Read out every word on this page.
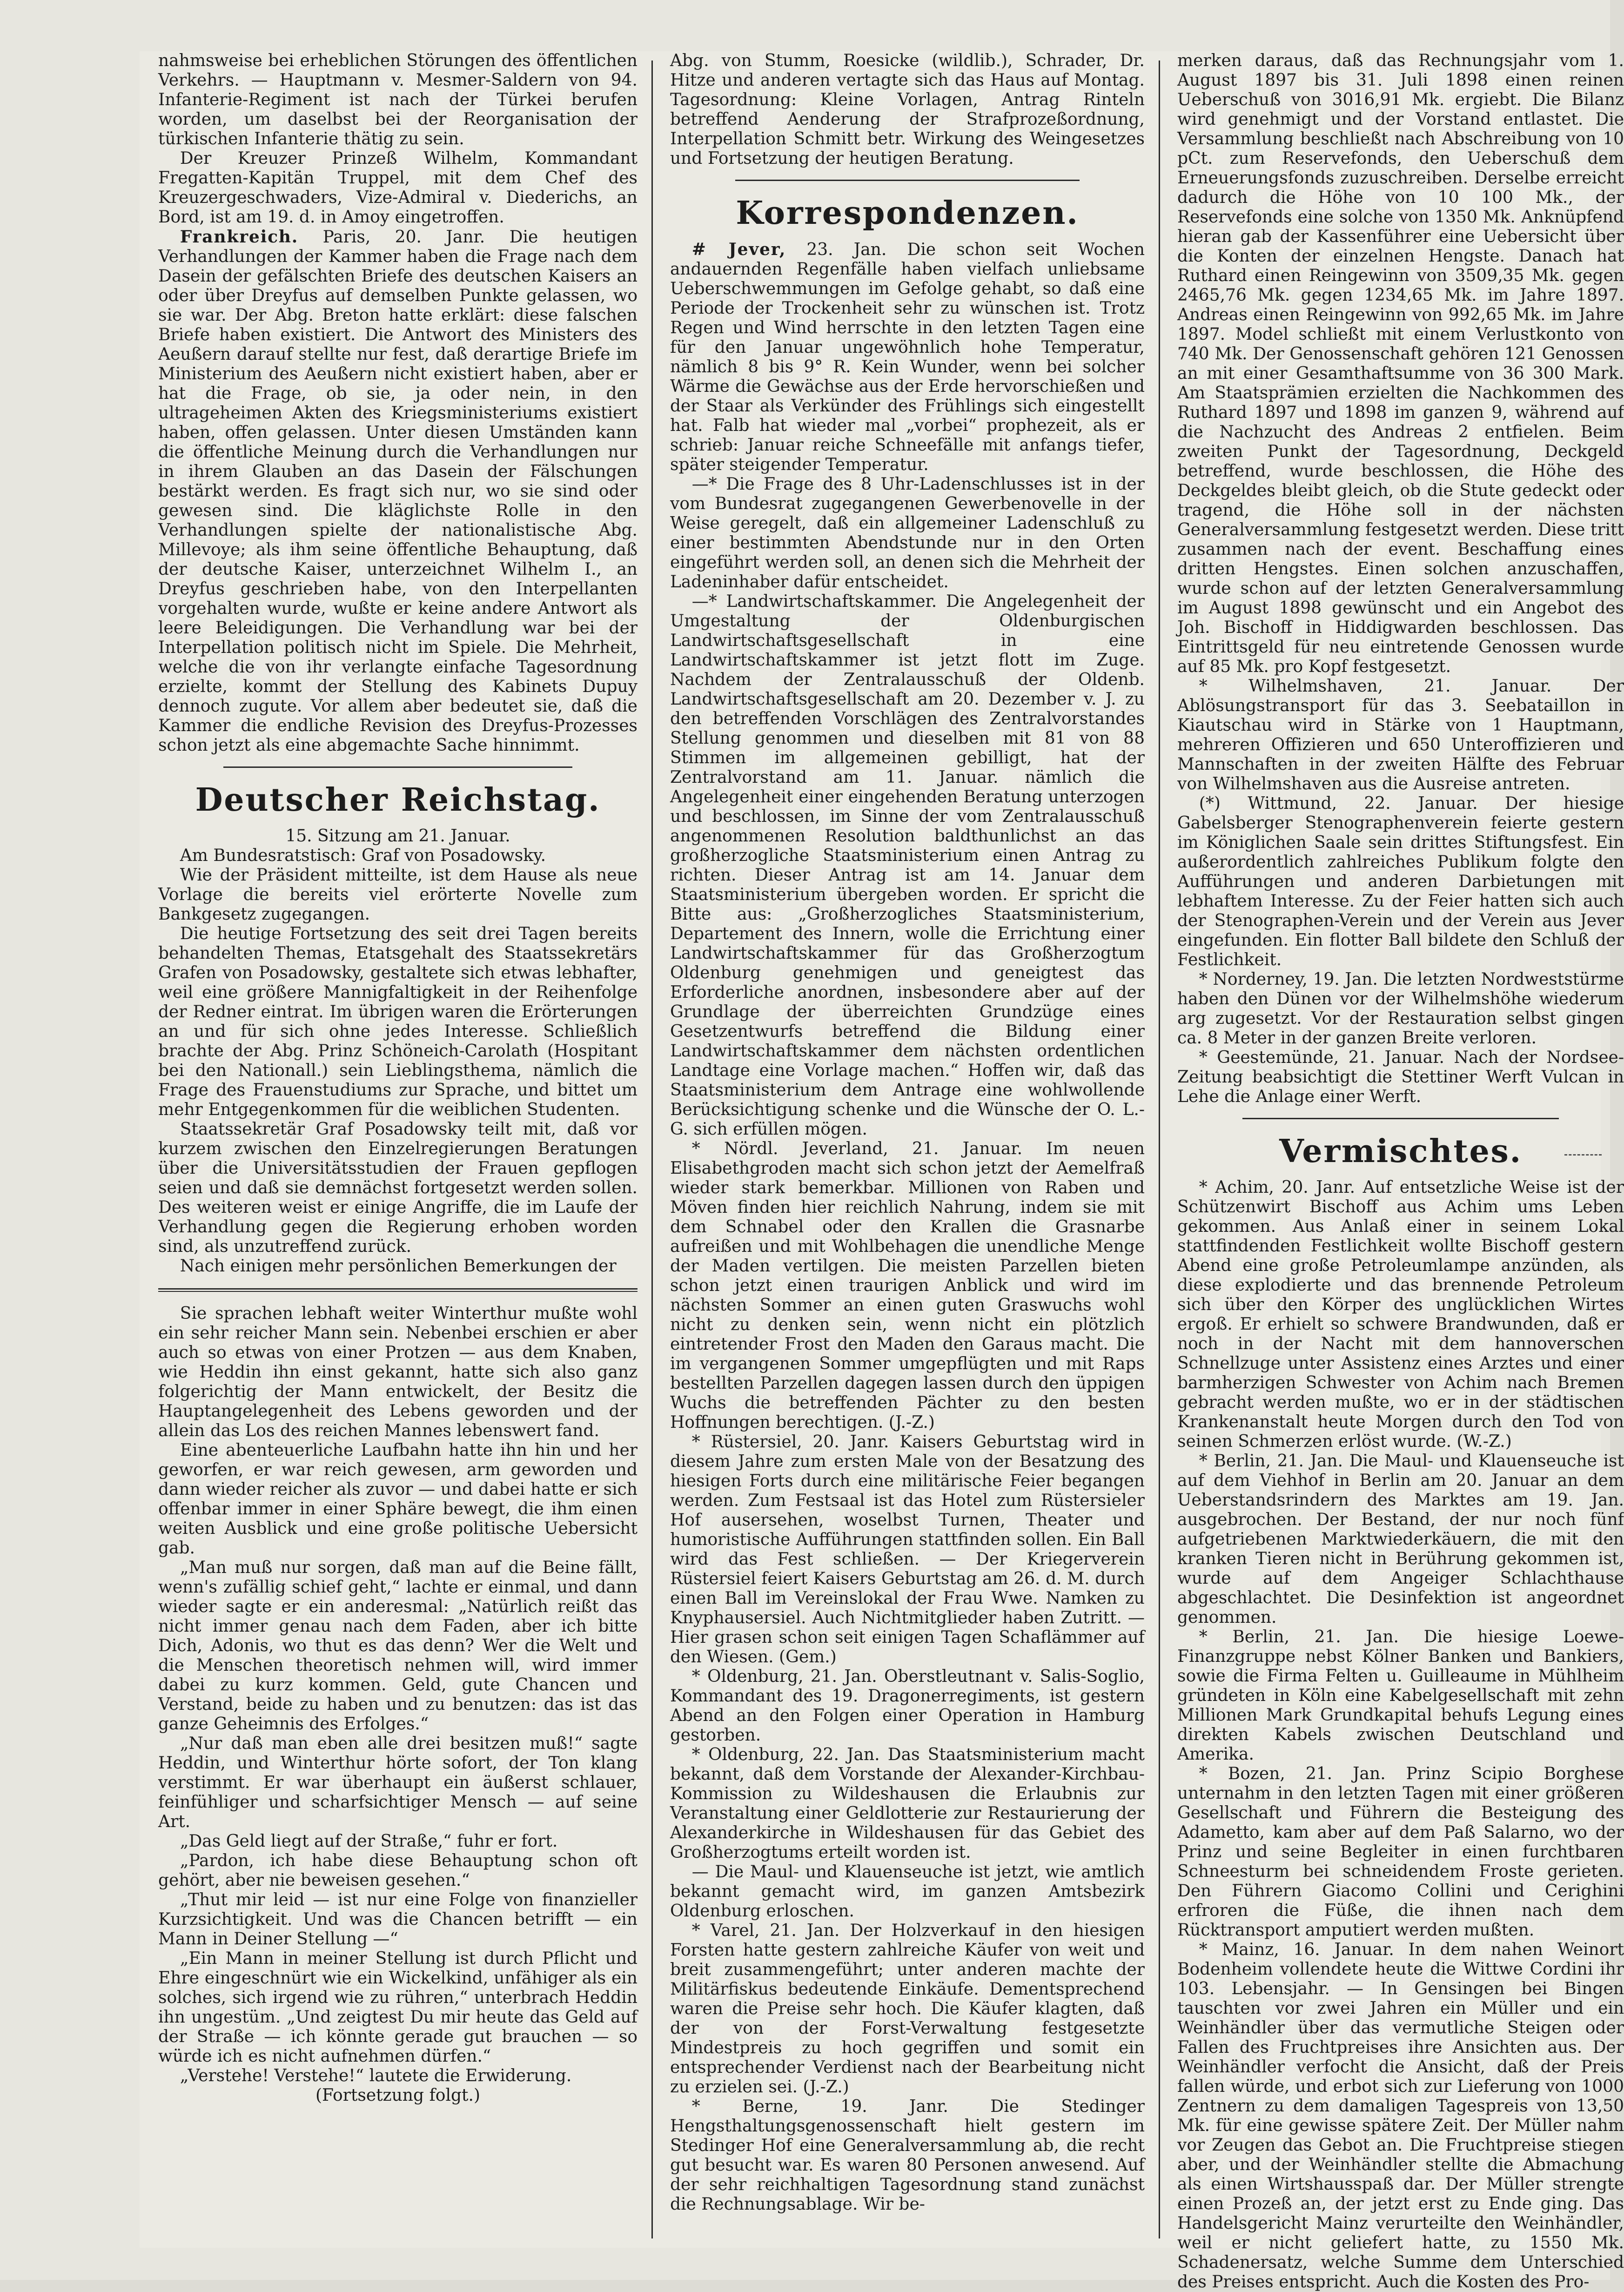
nahmsweise bei erheblichen Störungen des öffentlichen Verkehrs. — Hauptmann v. Mesmer-Saldern von 94. Infanterie-Regiment ist nach der Türkei berufen worden, um daselbst bei der Reorganisation der türkischen Infanterie thätig zu sein.

Der Kreuzer Prinzeß Wilhelm, Kommandant Fregatten-Kapitän Truppel, mit dem Chef des Kreuzergeschwaders, Vize-Admiral v. Diederichs, an Bord, ist am 19. d. in Amoy eingetroffen.

Frankreich. Paris, 20. Janr. Die heutigen Verhandlungen der Kammer haben die Frage nach dem Dasein der gefälschten Briefe des deutschen Kaisers an oder über Dreyfus auf demselben Punkte gelassen, wo sie war. Der Abg. Breton hatte erklärt: diese falschen Briefe haben existiert. Die Antwort des Ministers des Aeußern darauf stellte nur fest, daß derartige Briefe im Ministerium des Aeußern nicht existiert haben, aber er hat die Frage, ob sie, ja oder nein, in den ultrageheimen Akten des Kriegsministeriums existiert haben, offen gelassen. Unter diesen Umständen kann die öffentliche Meinung durch die Verhandlungen nur in ihrem Glauben an das Dasein der Fälschungen bestärkt werden. Es fragt sich nur, wo sie sind oder gewesen sind. Die kläglichste Rolle in den Verhandlungen spielte der nationalistische Abg. Millevoye; als ihm seine öffentliche Behauptung, daß der deutsche Kaiser, unterzeichnet Wilhelm I., an Dreyfus geschrieben habe, von den Interpellanten vorgehalten wurde, wußte er keine andere Antwort als leere Beleidigungen. Die Verhandlung war bei der Interpellation politisch nicht im Spiele. Die Mehrheit, welche die von ihr verlangte einfache Tagesordnung erzielte, kommt der Stellung des Kabinets Dupuy dennoch zugute. Vor allem aber bedeutet sie, daß die Kammer die endliche Revision des Dreyfus-Prozesses schon jetzt als eine abgemachte Sache hinnimmt.

Deutscher Reichstag.

15. Sitzung am 21. Januar.

Am Bundesratstisch: Graf von Posadowsky.

Wie der Präsident mitteilte, ist dem Hause als neue Vorlage die bereits viel erörterte Novelle zum Bankgesetz zugegangen.

Die heutige Fortsetzung des seit drei Tagen bereits behandelten Themas, Etatsgehalt des Staatssekretärs Grafen von Posadowsky, gestaltete sich etwas lebhafter, weil eine größere Mannigfaltigkeit in der Reihenfolge der Redner eintrat. Im übrigen waren die Erörterungen an und für sich ohne jedes Interesse. Schließlich brachte der Abg. Prinz Schöneich-Carolath (Hospitant bei den Nationall.) sein Lieblingsthema, nämlich die Frage des Frauenstudiums zur Sprache, und bittet um mehr Entgegenkommen für die weiblichen Studenten.

Staatssekretär Graf Posadowsky teilt mit, daß vor kurzem zwischen den Einzelregierungen Beratungen über die Universitätsstudien der Frauen gepflogen seien und daß sie demnächst fortgesetzt werden sollen. Des weiteren weist er einige Angriffe, die im Laufe der Verhandlung gegen die Regierung erhoben worden sind, als unzutreffend zurück.

Nach einigen mehr persönlichen Bemerkungen der

Sie sprachen lebhaft weiter Winterthur mußte wohl ein sehr reicher Mann sein. Nebenbei erschien er aber auch so etwas von einer Protzen — aus dem Knaben, wie Heddin ihn einst gekannt, hatte sich also ganz folgerichtig der Mann entwickelt, der Besitz die Hauptangelegenheit des Lebens geworden und der allein das Los des reichen Mannes lebenswert fand.

Eine abenteuerliche Laufbahn hatte ihn hin und her geworfen, er war reich gewesen, arm geworden und dann wieder reicher als zuvor — und dabei hatte er sich offenbar immer in einer Sphäre bewegt, die ihm einen weiten Ausblick und eine große politische Uebersicht gab.

„Man muß nur sorgen, daß man auf die Beine fällt, wenn's zufällig schief geht,“ lachte er einmal, und dann wieder sagte er ein anderesmal: „Natürlich reißt das nicht immer genau nach dem Faden, aber ich bitte Dich, Adonis, wo thut es das denn? Wer die Welt und die Menschen theoretisch nehmen will, wird immer dabei zu kurz kommen. Geld, gute Chancen und Verstand, beide zu haben und zu benutzen: das ist das ganze Geheimnis des Erfolges.“

„Nur daß man eben alle drei besitzen muß!“ sagte Heddin, und Winterthur hörte sofort, der Ton klang verstimmt. Er war überhaupt ein äußerst schlauer, feinfühliger und scharfsichtiger Mensch — auf seine Art.

„Das Geld liegt auf der Straße,“ fuhr er fort.

„Pardon, ich habe diese Behauptung schon oft gehört, aber nie beweisen gesehen.“

„Thut mir leid — ist nur eine Folge von finanzieller Kurzsichtigkeit. Und was die Chancen betrifft — ein Mann in Deiner Stellung —“

„Ein Mann in meiner Stellung ist durch Pflicht und Ehre eingeschnürt wie ein Wickelkind, unfähiger als ein solches, sich irgend wie zu rühren,“ unterbrach Heddin ihn ungestüm. „Und zeigtest Du mir heute das Geld auf der Straße — ich könnte gerade gut brauchen — so würde ich es nicht aufnehmen dürfen.“

„Verstehe! Verstehe!“ lautete die Erwiderung.

(Fortsetzung folgt.)

Abg. von Stumm, Roesicke (wildlib.), Schrader, Dr. Hitze und anderen vertagte sich das Haus auf Montag. Tagesordnung: Kleine Vorlagen, Antrag Rinteln betreffend Aenderung der Strafprozeßordnung, Interpellation Schmitt betr. Wirkung des Weingesetzes und Fortsetzung der heutigen Beratung.

Korrespondenzen.

# Jever, 23. Jan. Die schon seit Wochen andauernden Regenfälle haben vielfach unliebsame Ueberschwemmungen im Gefolge gehabt, so daß eine Periode der Trockenheit sehr zu wünschen ist. Trotz Regen und Wind herrschte in den letzten Tagen eine für den Januar ungewöhnlich hohe Temperatur, nämlich 8 bis 9° R. Kein Wunder, wenn bei solcher Wärme die Gewächse aus der Erde hervorschießen und der Staar als Verkünder des Frühlings sich eingestellt hat. Falb hat wieder mal „vorbei“ prophezeit, als er schrieb: Januar reiche Schneefälle mit anfangs tiefer, später steigender Temperatur.

—* Die Frage des 8 Uhr-Ladenschlusses ist in der vom Bundesrat zugegangenen Gewerbenovelle in der Weise geregelt, daß ein allgemeiner Ladenschluß zu einer bestimmten Abendstunde nur in den Orten eingeführt werden soll, an denen sich die Mehrheit der Ladeninhaber dafür entscheidet.

—* Landwirtschaftskammer. Die Angelegenheit der Umgestaltung der Oldenburgischen Landwirtschaftsgesellschaft in eine Landwirtschaftskammer ist jetzt flott im Zuge. Nachdem der Zentralausschuß der Oldenb. Landwirtschaftsgesellschaft am 20. Dezember v. J. zu den betreffenden Vorschlägen des Zentralvorstandes Stellung genommen und dieselben mit 81 von 88 Stimmen im allgemeinen gebilligt, hat der Zentralvorstand am 11. Januar. nämlich die Angelegenheit einer eingehenden Beratung unterzogen und beschlossen, im Sinne der vom Zentralausschuß angenommenen Resolution baldthunlichst an das großherzogliche Staatsministerium einen Antrag zu richten. Dieser Antrag ist am 14. Januar dem Staatsministerium übergeben worden. Er spricht die Bitte aus: „Großherzogliches Staatsministerium, Departement des Innern, wolle die Errichtung einer Landwirtschaftskammer für das Großherzogtum Oldenburg genehmigen und geneigtest das Erforderliche anordnen, insbesondere aber auf der Grundlage der überreichten Grundzüge eines Gesetzentwurfs betreffend die Bildung einer Landwirtschaftskammer dem nächsten ordentlichen Landtage eine Vorlage machen.“ Hoffen wir, daß das Staatsministerium dem Antrage eine wohlwollende Berücksichtigung schenke und die Wünsche der O. L.-G. sich erfüllen mögen.

* Nördl. Jeverland, 21. Januar. Im neuen Elisabethgroden macht sich schon jetzt der Aemelfraß wieder stark bemerkbar. Millionen von Raben und Möven finden hier reichlich Nahrung, indem sie mit dem Schnabel oder den Krallen die Grasnarbe aufreißen und mit Wohlbehagen die unendliche Menge der Maden vertilgen. Die meisten Parzellen bieten schon jetzt einen traurigen Anblick und wird im nächsten Sommer an einen guten Graswuchs wohl nicht zu denken sein, wenn nicht ein plötzlich eintretender Frost den Maden den Garaus macht. Die im vergangenen Sommer umgepflügten und mit Raps bestellten Parzellen dagegen lassen durch den üppigen Wuchs die betreffenden Pächter zu den besten Hoffnungen berechtigen. (J.-Z.)

* Rüstersiel, 20. Janr. Kaisers Geburtstag wird in diesem Jahre zum ersten Male von der Besatzung des hiesigen Forts durch eine militärische Feier begangen werden. Zum Festsaal ist das Hotel zum Rüstersieler Hof ausersehen, woselbst Turnen, Theater und humoristische Aufführungen stattfinden sollen. Ein Ball wird das Fest schließen. — Der Kriegerverein Rüstersiel feiert Kaisers Geburtstag am 26. d. M. durch einen Ball im Vereinslokal der Frau Wwe. Namken zu Knyphausersiel. Auch Nichtmitglieder haben Zutritt. — Hier grasen schon seit einigen Tagen Schaflämmer auf den Wiesen. (Gem.)

* Oldenburg, 21. Jan. Oberstleutnant v. Salis-Soglio, Kommandant des 19. Dragonerregiments, ist gestern Abend an den Folgen einer Operation in Hamburg gestorben.

* Oldenburg, 22. Jan. Das Staatsministerium macht bekannt, daß dem Vorstande der Alexander-Kirchbau-Kommission zu Wildeshausen die Erlaubnis zur Veranstaltung einer Geldlotterie zur Restaurierung der Alexanderkirche in Wildeshausen für das Gebiet des Großherzogtums erteilt worden ist.

— Die Maul- und Klauenseuche ist jetzt, wie amtlich bekannt gemacht wird, im ganzen Amtsbezirk Oldenburg erloschen.

* Varel, 21. Jan. Der Holzverkauf in den hiesigen Forsten hatte gestern zahlreiche Käufer von weit und breit zusammengeführt; unter anderen machte der Militärfiskus bedeutende Einkäufe. Dementsprechend waren die Preise sehr hoch. Die Käufer klagten, daß der von der Forst-Verwaltung festgesetzte Mindestpreis zu hoch gegriffen und somit ein entsprechender Verdienst nach der Bearbeitung nicht zu erzielen sei. (J.-Z.)

* Berne, 19. Janr. Die Stedinger Hengsthaltungsgenossenschaft hielt gestern im Stedinger Hof eine Generalversammlung ab, die recht gut besucht war. Es waren 80 Personen anwesend. Auf der sehr reichhaltigen Tagesordnung stand zunächst die Rechnungsablage. Wir be-

merken daraus, daß das Rechnungsjahr vom 1. August 1897 bis 31. Juli 1898 einen reinen Ueberschuß von 3016,91 Mk. ergiebt. Die Bilanz wird genehmigt und der Vorstand entlastet. Die Versammlung beschließt nach Abschreibung von 10 pCt. zum Reservefonds, den Ueberschuß dem Erneuerungsfonds zuzuschreiben. Derselbe erreicht dadurch die Höhe von 10 100 Mk., der Reservefonds eine solche von 1350 Mk. Anknüpfend hieran gab der Kassenführer eine Uebersicht über die Konten der einzelnen Hengste. Danach hat Ruthard einen Reingewinn von 3509,35 Mk. gegen 2465,76 Mk. gegen 1234,65 Mk. im Jahre 1897. Andreas einen Reingewinn von 992,65 Mk. im Jahre 1897. Model schließt mit einem Verlustkonto von 740 Mk. Der Genossenschaft gehören 121 Genossen an mit einer Gesamthaftsumme von 36 300 Mark. Am Staatsprämien erzielten die Nachkommen des Ruthard 1897 und 1898 im ganzen 9, während auf die Nachzucht des Andreas 2 entfielen. Beim zweiten Punkt der Tagesordnung, Deckgeld betreffend, wurde beschlossen, die Höhe des Deckgeldes bleibt gleich, ob die Stute gedeckt oder tragend, die Höhe soll in der nächsten Generalversammlung festgesetzt werden. Diese tritt zusammen nach der event. Beschaffung eines dritten Hengstes. Einen solchen anzuschaffen, wurde schon auf der letzten Generalversammlung im August 1898 gewünscht und ein Angebot des Joh. Bischoff in Hiddigwarden beschlossen. Das Eintrittsgeld für neu eintretende Genossen wurde auf 85 Mk. pro Kopf festgesetzt.

* Wilhelmshaven, 21. Januar. Der Ablösungstransport für das 3. Seebataillon in Kiautschau wird in Stärke von 1 Hauptmann, mehreren Offizieren und 650 Unteroffizieren und Mannschaften in der zweiten Hälfte des Februar von Wilhelmshaven aus die Ausreise antreten.

(*) Wittmund, 22. Januar. Der hiesige Gabelsberger Stenographenverein feierte gestern im Königlichen Saale sein drittes Stiftungsfest. Ein außerordentlich zahlreiches Publikum folgte den Aufführungen und anderen Darbietungen mit lebhaftem Interesse. Zu der Feier hatten sich auch der Stenographen-Verein und der Verein aus Jever eingefunden. Ein flotter Ball bildete den Schluß der Festlichkeit.

* Norderney, 19. Jan. Die letzten Nordweststürme haben den Dünen vor der Wilhelmshöhe wiederum arg zugesetzt. Vor der Restauration selbst gingen ca. 8 Meter in der ganzen Breite verloren.

* Geestemünde, 21. Januar. Nach der Nordsee-Zeitung beabsichtigt die Stettiner Werft Vulcan in Lehe die Anlage einer Werft.

Vermischtes.

* Achim, 20. Janr. Auf entsetzliche Weise ist der Schützenwirt Bischoff aus Achim ums Leben gekommen. Aus Anlaß einer in seinem Lokal stattfindenden Festlichkeit wollte Bischoff gestern Abend eine große Petroleumlampe anzünden, als diese explodierte und das brennende Petroleum sich über den Körper des unglücklichen Wirtes ergoß. Er erhielt so schwere Brandwunden, daß er noch in der Nacht mit dem hannoverschen Schnellzuge unter Assistenz eines Arztes und einer barmherzigen Schwester von Achim nach Bremen gebracht werden mußte, wo er in der städtischen Krankenanstalt heute Morgen durch den Tod von seinen Schmerzen erlöst wurde. (W.-Z.)

* Berlin, 21. Jan. Die Maul- und Klauenseuche ist auf dem Viehhof in Berlin am 20. Januar an dem Ueberstandsrindern des Marktes am 19. Jan. ausgebrochen. Der Bestand, der nur noch fünf aufgetriebenen Marktwiederkäuern, die mit den kranken Tieren nicht in Berührung gekommen ist, wurde auf dem Angeiger Schlachthause abgeschlachtet. Die Desinfektion ist angeordnet genommen.

* Berlin, 21. Jan. Die hiesige Loewe-Finanzgruppe nebst Kölner Banken und Bankiers, sowie die Firma Felten u. Guilleaume in Mühlheim gründeten in Köln eine Kabelgesellschaft mit zehn Millionen Mark Grundkapital behufs Legung eines direkten Kabels zwischen Deutschland und Amerika.

* Bozen, 21. Jan. Prinz Scipio Borghese unternahm in den letzten Tagen mit einer größeren Gesellschaft und Führern die Besteigung des Adametto, kam aber auf dem Paß Salarno, wo der Prinz und seine Begleiter in einen furchtbaren Schneesturm bei schneidendem Froste gerieten. Den Führern Giacomo Collini und Cerighini erfroren die Füße, die ihnen nach dem Rücktransport amputiert werden mußten.

* Mainz, 16. Januar. In dem nahen Weinort Bodenheim vollendete heute die Wittwe Cordini ihr 103. Lebensjahr. — In Gensingen bei Bingen tauschten vor zwei Jahren ein Müller und ein Weinhändler über das vermutliche Steigen oder Fallen des Fruchtpreises ihre Ansichten aus. Der Weinhändler verfocht die Ansicht, daß der Preis fallen würde, und erbot sich zur Lieferung von 1000 Zentnern zu dem damaligen Tagespreis von 13,50 Mk. für eine gewisse spätere Zeit. Der Müller nahm vor Zeugen das Gebot an. Die Fruchtpreise stiegen aber, und der Weinhändler stellte die Abmachung als einen Wirtshausspaß dar. Der Müller strengte einen Prozeß an, der jetzt erst zu Ende ging. Das Handelsgericht Mainz verurteilte den Weinhändler, weil er nicht geliefert hatte, zu 1550 Mk. Schadenersatz, welche Summe dem Unterschied des Preises entspricht. Auch die Kosten des Pro-
